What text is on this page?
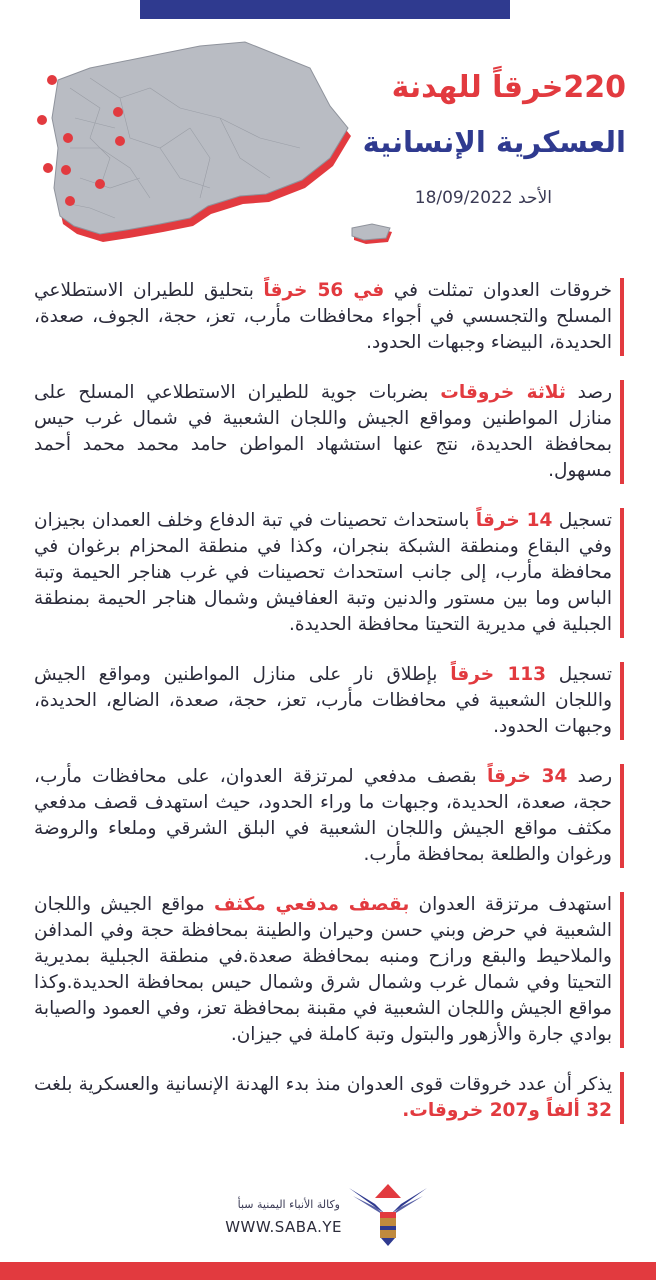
220خرقاً للهدنة
العسكرية الإنسانية
الأحد 18/09/2022

خروقات العدوان تمثلت في في 56 خرقاً بتحليق للطيران الاستطلاعي المسلح والتجسسي في أجواء محافظات مأرب، تعز، حجة، الجوف، صعدة، الحديدة، البيضاء وجبهات الحدود.

رصد ثلاثة خروقات بضربات جوية للطيران الاستطلاعي المسلح على منازل المواطنين ومواقع الجيش واللجان الشعبية في شمال غرب حيس بمحافظة الحديدة، نتج عنها استشهاد المواطن حامد محمد محمد أحمد مسهول.

تسجيل 14 خرقاً باستحداث تحصينات في تبة الدفاع وخلف العمدان بجيزان وفي البقاع ومنطقة الشبكة بنجران، وكذا في منطقة المحزام برغوان في محافظة مأرب، إلى جانب استحداث تحصينات في غرب هناجر الحيمة وتبة الباس وما بين مستور والدنين وتبة العفافيش وشمال هناجر الحيمة بمنطقة الجبلية في مديرية التحيتا محافظة الحديدة.

تسجيل 113 خرقاً بإطلاق نار على منازل المواطنين ومواقع الجيش واللجان الشعبية في محافظات مأرب، تعز، حجة، صعدة، الضالع، الحديدة، وجبهات الحدود.

رصد 34 خرقاً بقصف مدفعي لمرتزقة العدوان، على محافظات مأرب، حجة، صعدة، الحديدة، وجبهات ما وراء الحدود، حيث استهدف قصف مدفعي مكثف مواقع الجيش واللجان الشعبية في البلق الشرقي وملعاء والروضة ورغوان والطلعة بمحافظة مأرب.

استهدف مرتزقة العدوان بقصف مدفعي مكثف مواقع الجيش واللجان الشعبية في حرض وبني حسن وحيران والطينة بمحافظة حجة وفي المدافن والملاحيط والبقع ورازح ومنبه بمحافظة صعدة.في منطقة الجبلية بمديرية التحيتا وفي شمال غرب وشمال شرق وشمال حيس بمحافظة الحديدة.وكذا مواقع الجيش واللجان الشعبية في مقبنة بمحافظة تعز، وفي العمود والصيابة بوادي جارة والأزهور والبتول وتبة كاملة في جيزان.

يذكر أن عدد خروقات قوى العدوان منذ بدء الهدنة الإنسانية والعسكرية بلغت 32 ألفاً و207 خروقات.

وكالة الأنباء اليمنية سبأ
WWW.SABA.YE
